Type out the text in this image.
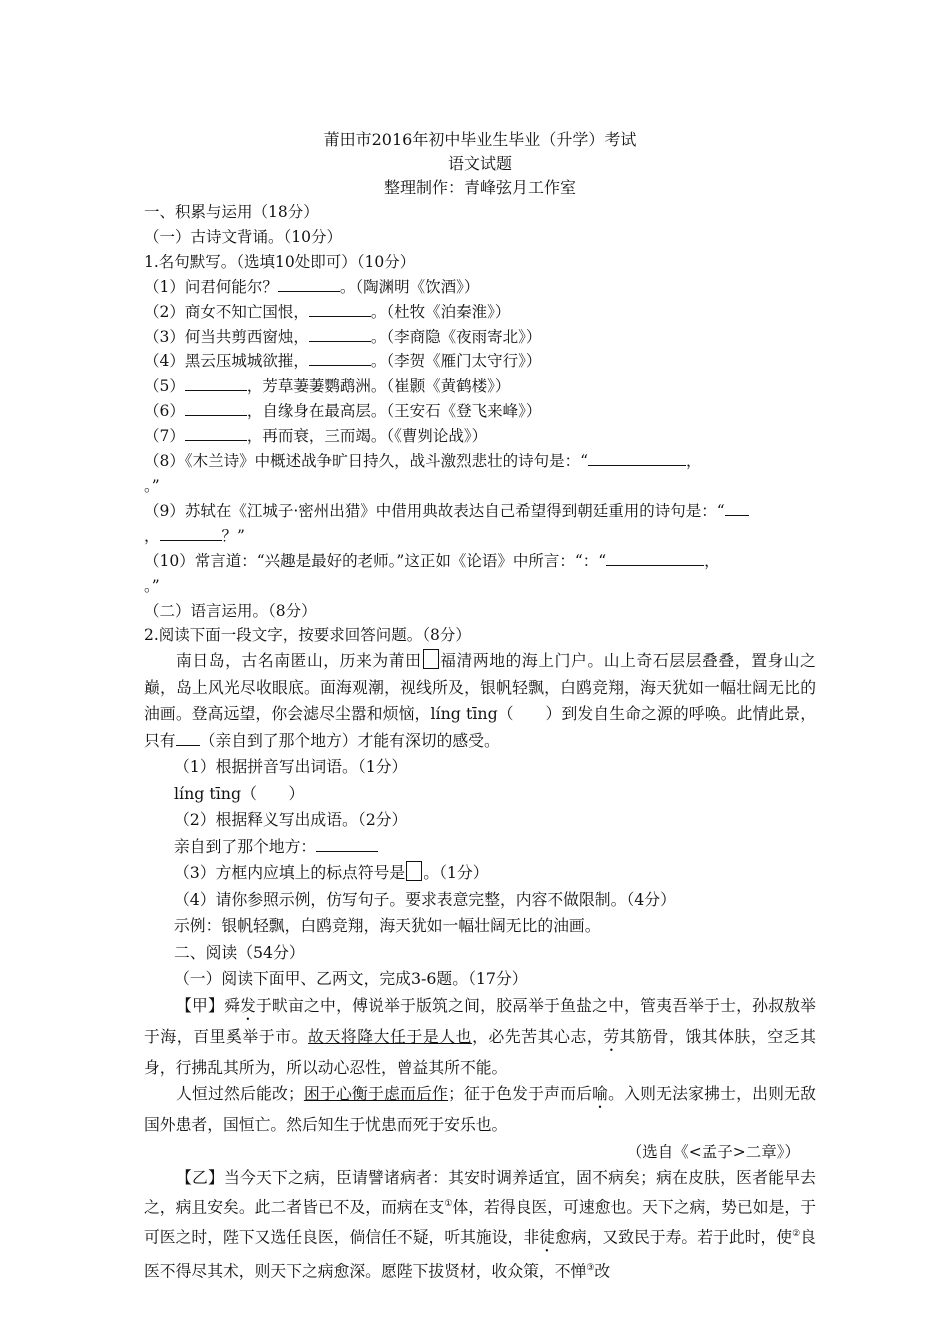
莆田市2016年初中毕业生毕业（升学）考试
语文试题
整理制作：青峰弦月工作室
一、积累与运用（18分）
（一）古诗文背诵。（10分）
1.名句默写。（选填10处即可）（10分）
（1）问君何能尔？	。（陶渊明《饮酒》）
（2）商女不知亡国恨，	。（杜牧《泊秦淮》）
（3）何当共剪西窗烛，	。（李商隐《夜雨寄北》）
（4）黑云压城城欲摧，	。（李贺《雁门太守行》）
（5）	，芳草萋萋鹦鹉洲。（崔颢《黄鹤楼》）
（6）	，自缘身在最高层。（王安石《登飞来峰》）
（7）	，再而衰，三而竭。（《曹刿论战》）
（8）《木兰诗》中概述战争旷日持久，战斗激烈悲壮的诗句是：“	，
。”
（9）苏轼在《江城子·密州出猎》中借用典故表达自己希望得到朝廷重用的诗句是：“
，	？”
（10）常言道：“兴趣是最好的老师。”这正如《论语》中所言：“：“	，
。”
（二）语言运用。（8分）
2.阅读下面一段文字，按要求回答问题。（8分）
南日岛，古名南匿山，历来为莆田 福清两地的海上门户。山上奇石层层叠叠，置身山之巅，岛上风光尽收眼底。面海观潮，视线所及，银帆轻飘，白鸥竞翔，海天犹如一幅壮阔无比的油画。登高远望，你会滤尽尘嚣和烦恼，líng tīng（　　）到发自生命之源的呼唤。此情此景，只有 （亲自到了那个地方）才能有深切的感受。
（1）根据拼音写出词语。（1分）
líng tīng（　　）
（2）根据释义写出成语。（2分）
亲自到了那个地方：
（3）方框内应填上的标点符号是 。（1分）
（4）请你参照示例，仿写句子。要求表意完整，内容不做限制。（4分）
示例：银帆轻飘，白鸥竞翔，海天犹如一幅壮阔无比的油画。
二、阅读（54分）
（一）阅读下面甲、乙两文，完成3-6题。（17分）
【甲】舜发于畎亩之中，傅说举于版筑之间，胶鬲举于鱼盐之中，管夷吾举于士，孙叔敖举于海，百里奚举于市。故天将降大任于是人也，必先苦其心志，劳其筋骨，饿其体肤，空乏其身，行拂乱其所为，所以动心忍性，曾益其所不能。
人恒过然后能改；困于心衡于虑而后作；征于色发于声而后喻。入则无法家拂士，出则无敌国外患者，国恒亡。然后知生于忧患而死于安乐也。
（选自《<孟子>二章》）
【乙】当今天下之病，臣请譬诸病者：其安时调养适宜，固不病矣；病在皮肤，医者能早去之，病且安矣。此二者皆已不及，而病在支①体，若得良医，可速愈也。天下之病，势已如是，于可医之时，陛下又选任良医，倘信任不疑，听其施设，非徒愈病，又致民于寿。若于此时，使②良医不得尽其术，则天下之病愈深。愿陛下拔贤材，收众策，不惮③改
